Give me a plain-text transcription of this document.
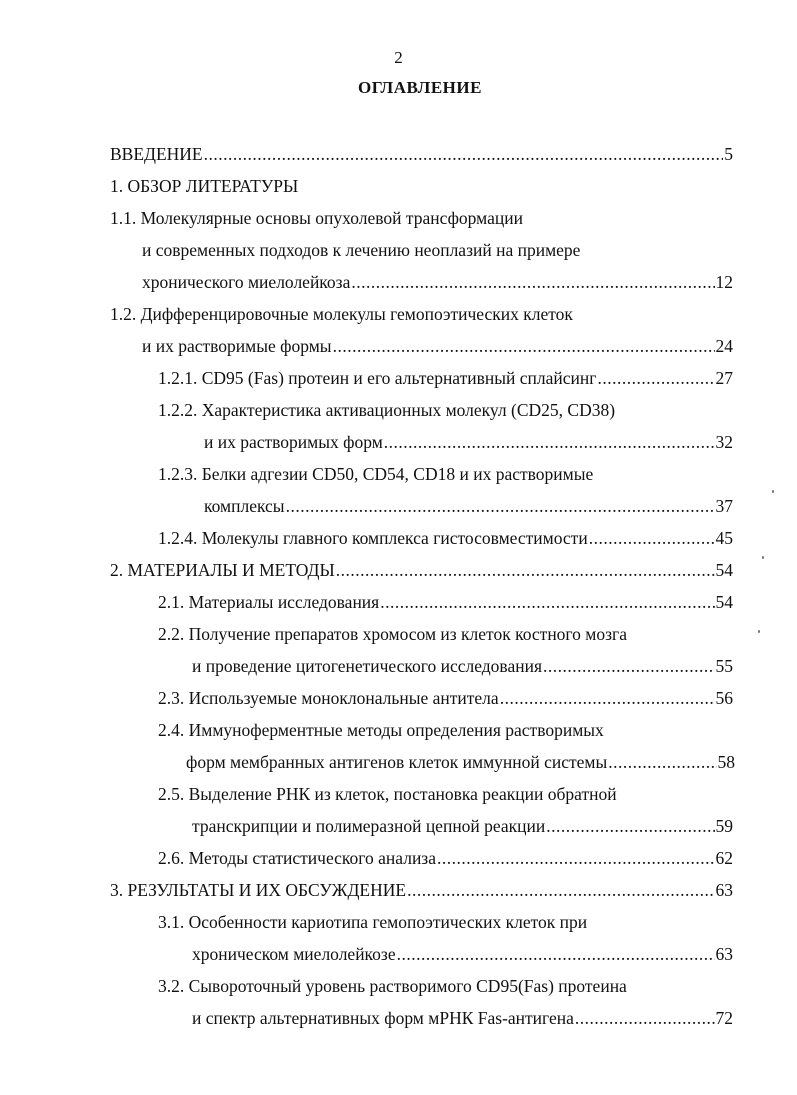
2
ОГЛАВЛЕНИЕ
ВВЕДЕНИЕ .....	5
1. ОБЗОР ЛИТЕРАТУРЫ
1.1. Молекулярные основы опухолевой трансформации
и современных подходов к лечению неоплазий на примере
хронического миелолейкоза .....	12
1.2. Дифференцировочные молекулы гемопоэтических клеток
и их растворимые формы .....	24
1.2.1. CD95 (Fas) протеин и его альтернативный сплайсинг .....	27
1.2.2. Характеристика активационных молекул (CD25, CD38)
и их растворимых форм .....	32
1.2.3. Белки адгезии CD50, CD54, CD18 и их растворимые
комплексы .....	37
1.2.4. Молекулы главного комплекса гистосовместимости .....	45
2. МАТЕРИАЛЫ И МЕТОДЫ .....	54
2.1. Материалы исследования .....	54
2.2. Получение препаратов хромосом из клеток костного мозга
и проведение цитогенетического исследования .....	55
2.3. Используемые моноклональные антитела .....	56
2.4. Иммуноферментные методы определения растворимых
форм мембранных антигенов клеток иммунной системы .....	58
2.5. Выделение РНК из клеток, постановка реакции обратной
транскрипции и полимеразной цепной реакции .....	59
2.6. Методы статистического анализа .....	62
3. РЕЗУЛЬТАТЫ И ИХ ОБСУЖДЕНИЕ .....	63
3.1. Особенности кариотипа гемопоэтических клеток при
хроническом миелолейкозе .....	63
3.2. Сывороточный уровень растворимого CD95(Fas) протеина
и спектр альтернативных форм мРНК Fas-антигена .....	72
